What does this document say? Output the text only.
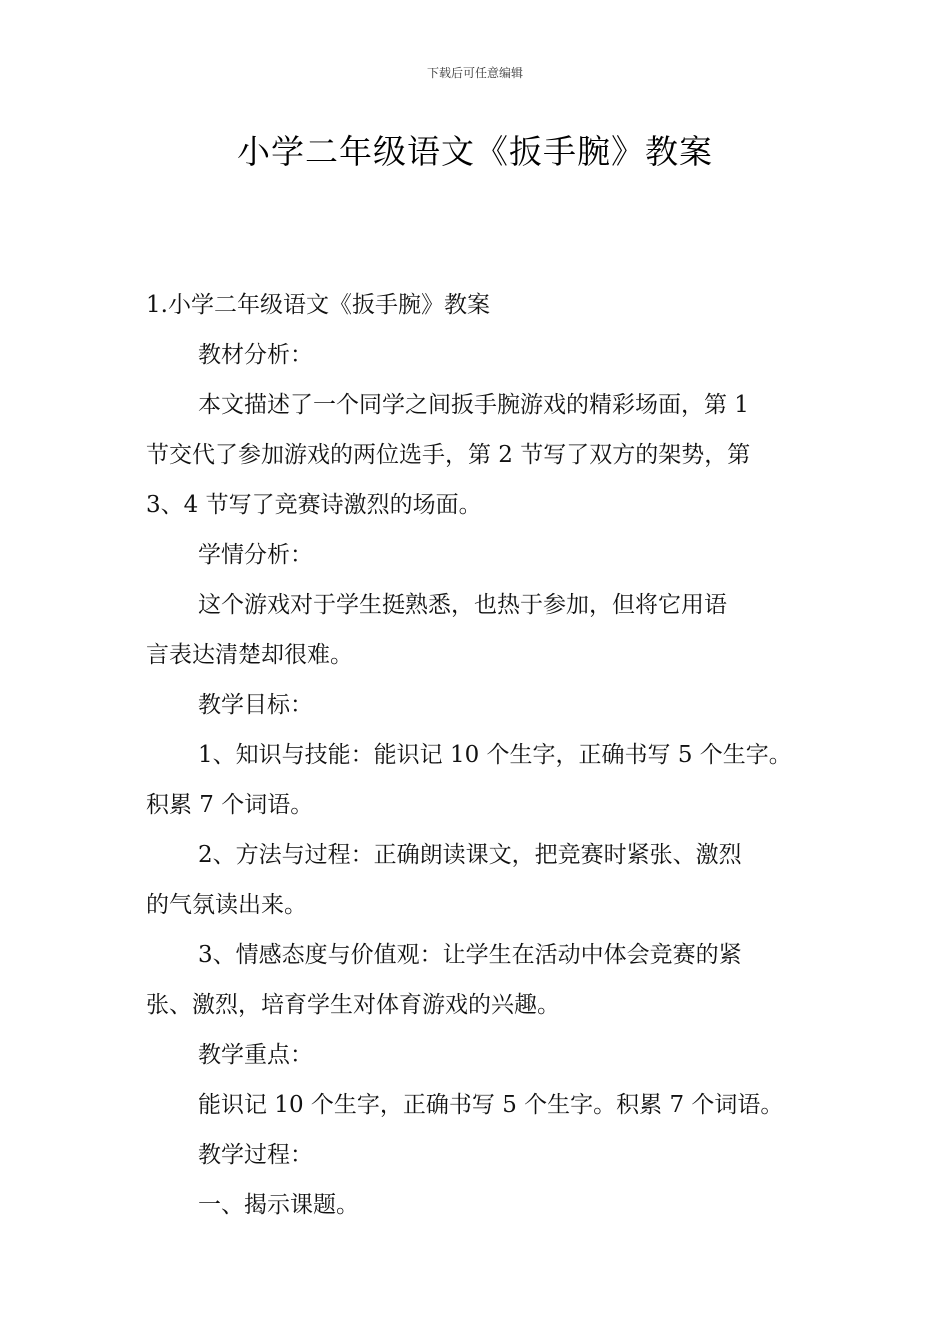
下载后可任意编辑
小学二年级语文《扳手腕》教案
1.小学二年级语文《扳手腕》教案
教材分析：
本文描述了一个同学之间扳手腕游戏的精彩场面，第 1
节交代了参加游戏的两位选手，第 2 节写了双方的架势，第
3、4 节写了竞赛诗激烈的场面。
学情分析：
这个游戏对于学生挺熟悉，也热于参加，但将它用语
言表达清楚却很难。
教学目标：
1、知识与技能：能识记 10 个生字，正确书写 5 个生字。
积累 7 个词语。
2、方法与过程：正确朗读课文，把竞赛时紧张、激烈
的气氛读出来。
3、情感态度与价值观：让学生在活动中体会竞赛的紧
张、激烈，培育学生对体育游戏的兴趣。
教学重点：
能识记 10 个生字，正确书写 5 个生字。积累 7 个词语。
教学过程：
一、揭示课题。
